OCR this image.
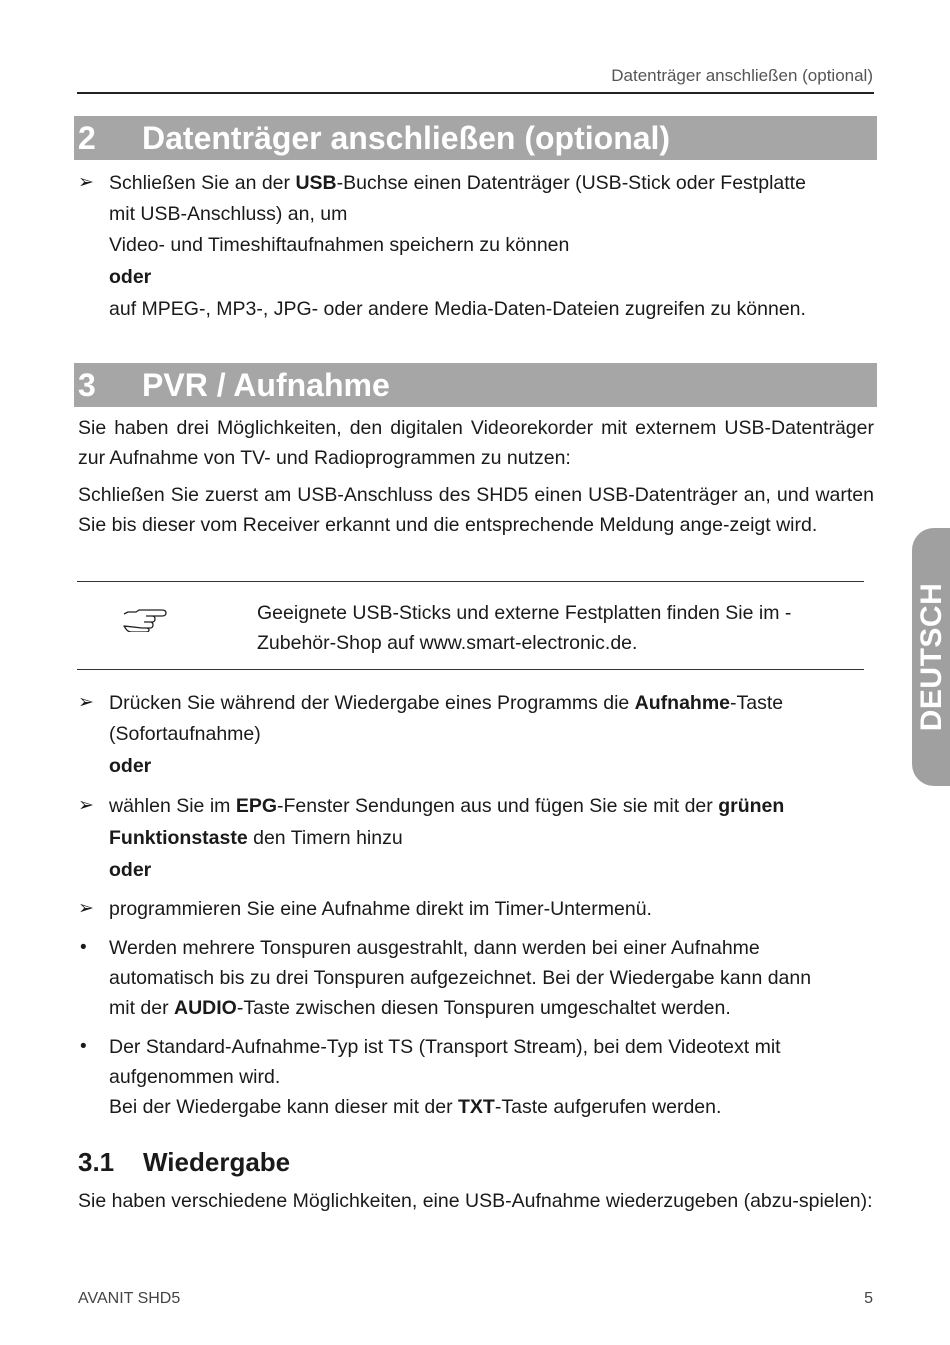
Datenträger anschließen (optional)
2 Datenträger anschließen (optional)
➢ Schließen Sie an der USB-Buchse einen Datenträger (USB-Stick oder Festplatte
mit USB-Anschluss) an, um
Video- und Timeshiftaufnahmen speichern zu können
oder
auf MPEG-, MP3-, JPG- oder andere Media-Daten-Dateien zugreifen zu können.
3 PVR / Aufnahme
Sie haben drei Möglichkeiten, den digitalen Videorekorder mit externem USB-Datenträger zur Aufnahme von TV- und Radioprogrammen zu nutzen:
Schließen Sie zuerst am USB-Anschluss des SHD5 einen USB-Datenträger an, und warten Sie bis dieser vom Receiver erkannt und die entsprechende Meldung ange-zeigt wird.
Geeignete USB-Sticks und externe Festplatten finden Sie im -
Zubehör-Shop auf www.smart-electronic.de.
➢ Drücken Sie während der Wiedergabe eines Programms die Aufnahme-Taste
(Sofortaufnahme)
oder
➢ wählen Sie im EPG-Fenster Sendungen aus und fügen Sie sie mit der grünen
Funktionstaste den Timern hinzu
oder
➢ programmieren Sie eine Aufnahme direkt im Timer-Untermenü.
• Werden mehrere Tonspuren ausgestrahlt, dann werden bei einer Aufnahme
automatisch bis zu drei Tonspuren aufgezeichnet. Bei der Wiedergabe kann dann
mit der AUDIO-Taste zwischen diesen Tonspuren umgeschaltet werden.
• Der Standard-Aufnahme-Typ ist TS (Transport Stream), bei dem Videotext mit
aufgenommen wird.
Bei der Wiedergabe kann dieser mit der TXT-Taste aufgerufen werden.
3.1 Wiedergabe
Sie haben verschiedene Möglichkeiten, eine USB-Aufnahme wiederzugeben (abzu-spielen):
DEUTSCH
AVANIT SHD5	5
